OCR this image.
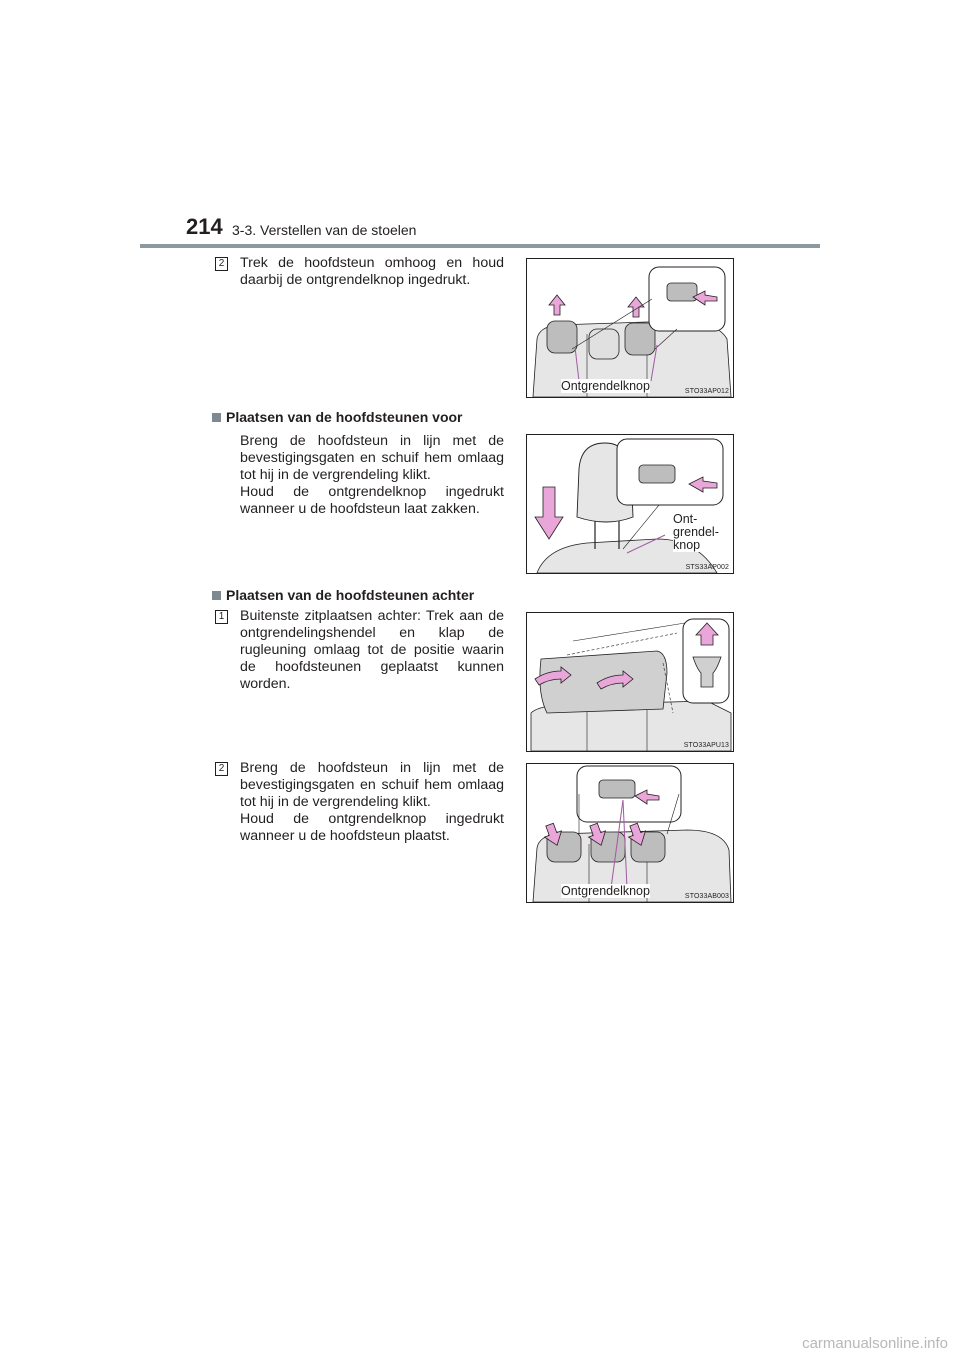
214 3-3. Verstellen van de stoelen
2 Trek de hoofdsteun omhoog en houd daarbij de ontgrendelknop ingedrukt.
Ontgrendelknop	STO33AP012
Plaatsen van de hoofdsteunen voor
Breng de hoofdsteun in lijn met de bevestigingsgaten en schuif hem omlaag tot hij in de vergrendeling klikt.
Houd de ontgrendelknop ingedrukt wanneer u de hoofdsteun laat zakken.
Ont-
grendel-
knop
STS33AP002
Plaatsen van de hoofdsteunen achter
1 Buitenste zitplaatsen achter: Trek aan de ontgrendelingshendel en klap de rugleuning omlaag tot de positie waarin de hoofdsteunen geplaatst kunnen worden.
STO33APU13
2 Breng de hoofdsteun in lijn met de bevestigingsgaten en schuif hem omlaag tot hij in de vergrendeling klikt.
Houd de ontgrendelknop ingedrukt wanneer u de hoofdsteun plaatst.
Ontgrendelknop	STO33AB003
carmanualsonline.info
